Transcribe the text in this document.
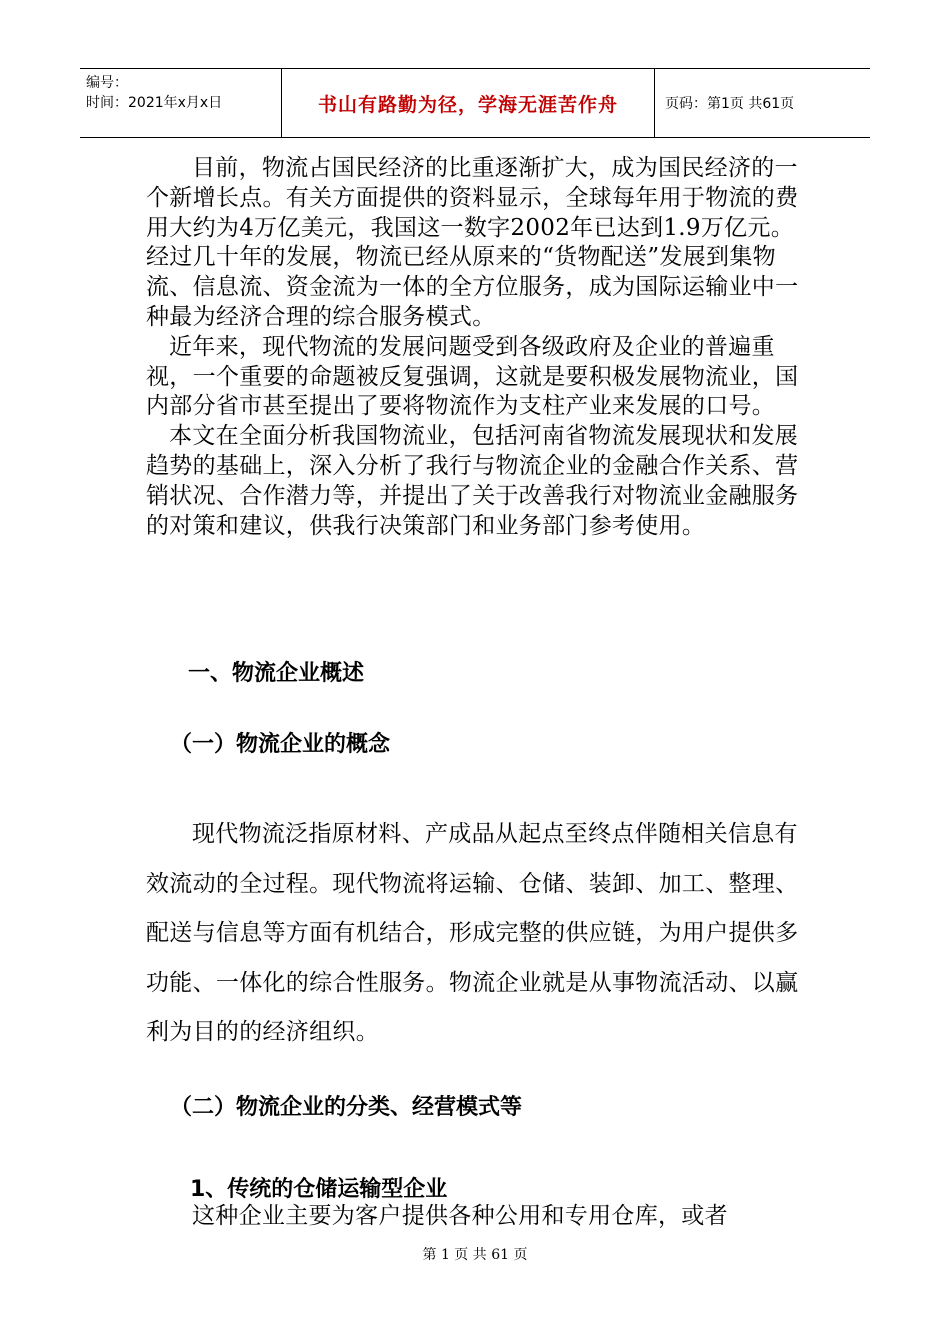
编号：
时间：2021年x月x日	书山有路勤为径，学海无涯苦作舟	页码：第1页 共61页

目前，物流占国民经济的比重逐渐扩大，成为国民经济的一个新增长点。有关方面提供的资料显示，全球每年用于物流的费用大约为4万亿美元，我国这一数字2002年已达到1.9万亿元。经过几十年的发展，物流已经从原来的“货物配送”发展到集物流、信息流、资金流为一体的全方位服务，成为国际运输业中一种最为经济合理的综合服务模式。

近年来，现代物流的发展问题受到各级政府及企业的普遍重视，一个重要的命题被反复强调，这就是要积极发展物流业，国内部分省市甚至提出了要将物流作为支柱产业来发展的口号。

本文在全面分析我国物流业，包括河南省物流发展现状和发展趋势的基础上，深入分析了我行与物流企业的金融合作关系、营销状况、合作潜力等，并提出了关于改善我行对物流业金融服务的对策和建议，供我行决策部门和业务部门参考使用。

一、物流企业概述
（一）物流企业的概念

现代物流泛指原材料、产成品从起点至终点伴随相关信息有效流动的全过程。现代物流将运输、仓储、装卸、加工、整理、配送与信息等方面有机结合，形成完整的供应链，为用户提供多功能、一体化的综合性服务。物流企业就是从事物流活动、以赢利为目的的经济组织。

（二）物流企业的分类、经营模式等
1、传统的仓储运输型企业

这种企业主要为客户提供各种公用和专用仓库，或者

第 1 页 共 61 页
